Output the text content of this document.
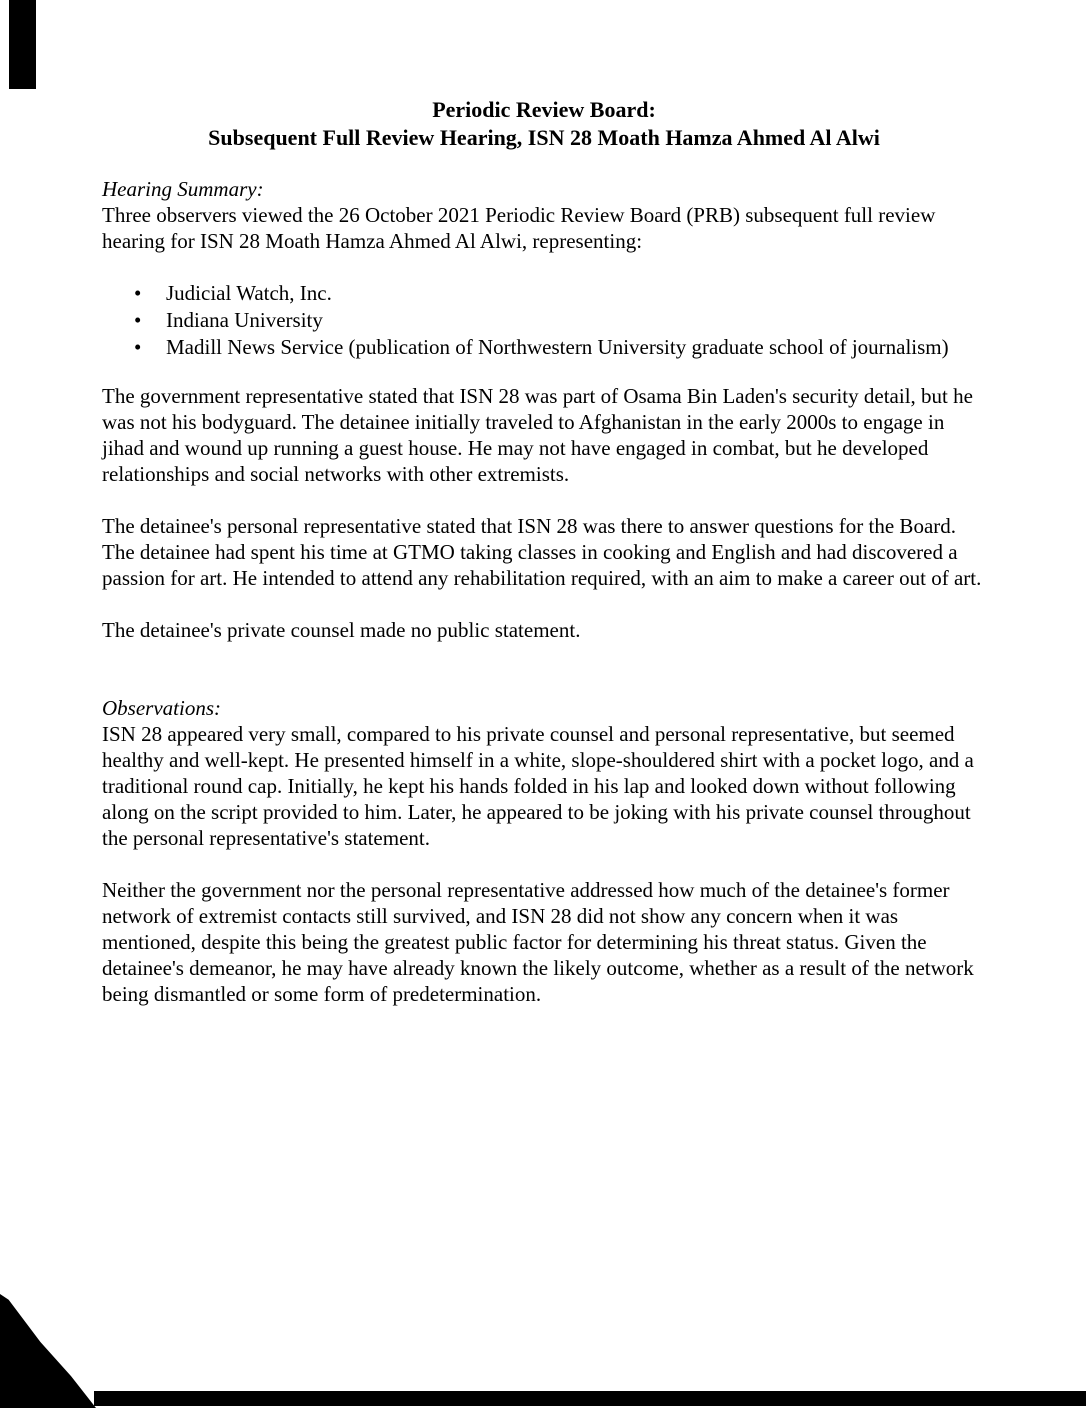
Periodic Review Board:
Subsequent Full Review Hearing, ISN 28 Moath Hamza Ahmed Al Alwi
Hearing Summary:

Three observers viewed the 26 October 2021 Periodic Review Board (PRB) subsequent full review hearing for ISN 28 Moath Hamza Ahmed Al Alwi, representing:

• Judicial Watch, Inc.
• Indiana University
• Madill News Service (publication of Northwestern University graduate school of journalism)

The government representative stated that ISN 28 was part of Osama Bin Laden's security detail, but he was not his bodyguard. The detainee initially traveled to Afghanistan in the early 2000s to engage in jihad and wound up running a guest house. He may not have engaged in combat, but he developed relationships and social networks with other extremists.

The detainee's personal representative stated that ISN 28 was there to answer questions for the Board. The detainee had spent his time at GTMO taking classes in cooking and English and had discovered a passion for art. He intended to attend any rehabilitation required, with an aim to make a career out of art.

The detainee's private counsel made no public statement.

Observations:

ISN 28 appeared very small, compared to his private counsel and personal representative, but seemed healthy and well-kept. He presented himself in a white, slope-shouldered shirt with a pocket logo, and a traditional round cap. Initially, he kept his hands folded in his lap and looked down without following along on the script provided to him. Later, he appeared to be joking with his private counsel throughout the personal representative's statement.

Neither the government nor the personal representative addressed how much of the detainee's former network of extremist contacts still survived, and ISN 28 did not show any concern when it was mentioned, despite this being the greatest public factor for determining his threat status. Given the detainee's demeanor, he may have already known the likely outcome, whether as a result of the network being dismantled or some form of predetermination.
